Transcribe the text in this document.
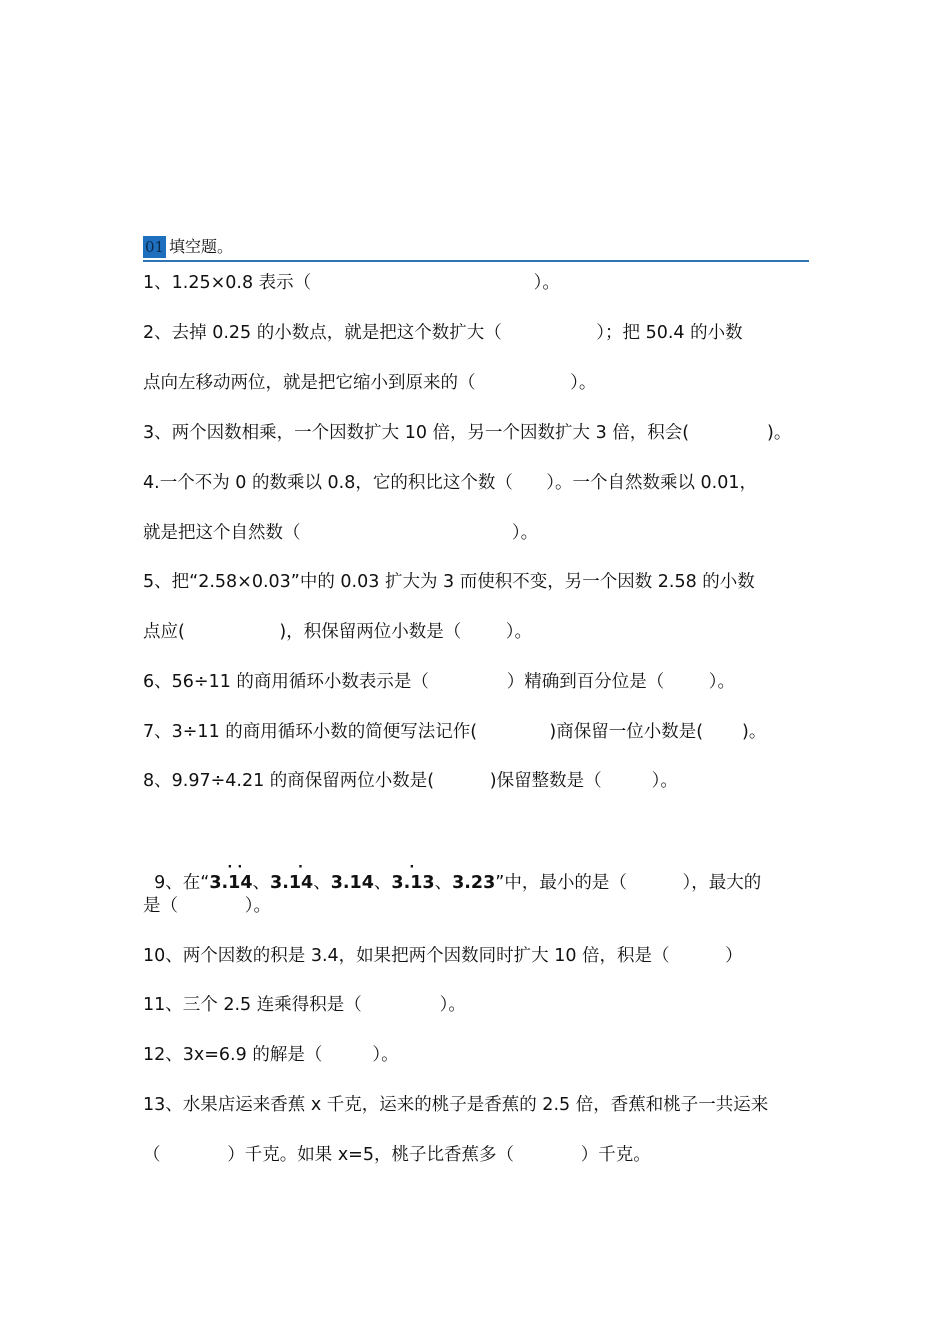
01 填空题。
1、1.25×0.8 表示（                                        ）。
2、去掉 0.25 的小数点，就是把这个数扩大（                 ）；把 50.4 的小数
点向左移动两位，就是把它缩小到原来的（                 ）。
3、两个因数相乘，一个因数扩大 10 倍，另一个因数扩大 3 倍，积会(              )。
4.一个不为 0 的数乘以 0.8，它的积比这个数（      ）。一个自然数乘以 0.01，
就是把这个自然数（                                      ）。
5、把“2.58×0.03”中的 0.03 扩大为 3 而使积不变，另一个因数 2.58 的小数
点应(                 )，积保留两位小数是（        ）。
6、56÷11 的商用循环小数表示是（              ）精确到百分位是（        ）。
7、3÷11 的商用循环小数的简便写法记作(             )商保留一位小数是(       )。
8、9.97÷4.21 的商保留两位小数是(          )保留整数是（         ）。

9、在“
· ·
3.14、
·
3.14、3.14、
·
3.13、3.23”中，最小的是（          ），最大的

是（            ）。
10、两个因数的积是 3.4，如果把两个因数同时扩大 10 倍，积是（          ）
11、三个 2.5 连乘得积是（              ）。
12、3x=6.9 的解是（         ）。
13、水果店运来香蕉 x 千克，运来的桃子是香蕉的 2.5 倍，香蕉和桃子一共运来
（            ）千克。如果 x=5，桃子比香蕉多（            ）千克。
